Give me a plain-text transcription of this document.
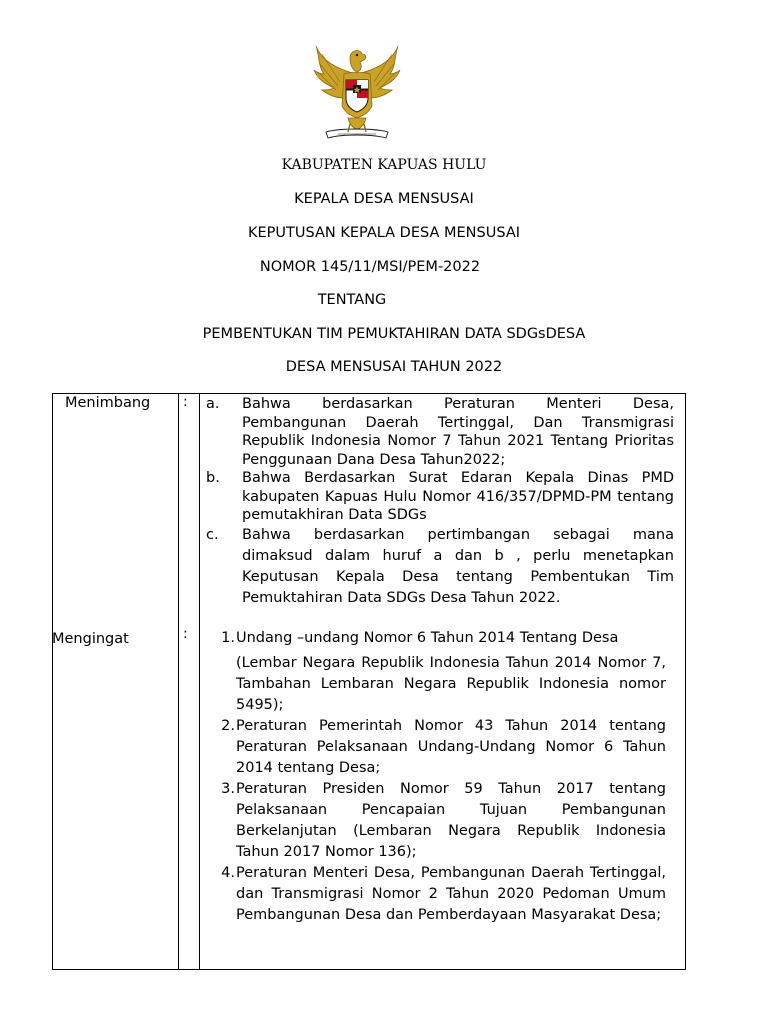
KABUPATEN KAPUAS HULU
KEPALA DESA MENSUSAI
KEPUTUSAN KEPALA DESA MENSUSAI
NOMOR 145/11/MSI/PEM-2022
TENTANG
PEMBENTUKAN TIM PEMUKTAHIRAN DATA SDGsDESA
DESA MENSUSAI TAHUN 2022
Menimbang : a.	Bahwa berdasarkan Peraturan Menteri Desa, Pembangunan Daerah Tertinggal, Dan Transmigrasi Republik Indonesia Nomor 7 Tahun 2021 Tentang Prioritas Penggunaan Dana Desa Tahun2022;
b.	Bahwa Berdasarkan Surat Edaran Kepala Dinas PMD kabupaten Kapuas Hulu Nomor 416/357/DPMD-PM tentang pemutakhiran Data SDGs
c.	Bahwa berdasarkan pertimbangan sebagai mana dimaksud dalam huruf a dan b , perlu menetapkan Keputusan Kepala Desa tentang Pembentukan Tim Pemuktahiran Data SDGs Desa Tahun 2022.
Mengingat	:	1. Undang –undang Nomor 6 Tahun 2014 Tentang Desa
(Lembar Negara Republik Indonesia Tahun 2014 Nomor 7, Tambahan Lembaran Negara Republik Indonesia nomor 5495);
2. Peraturan Pemerintah Nomor 43 Tahun 2014 tentang Peraturan Pelaksanaan Undang-Undang Nomor 6 Tahun 2014 tentang Desa;
3. Peraturan Presiden Nomor 59 Tahun 2017 tentang Pelaksanaan Pencapaian Tujuan Pembangunan Berkelanjutan (Lembaran Negara Republik Indonesia Tahun 2017 Nomor 136);
4. Peraturan Menteri Desa, Pembangunan Daerah Tertinggal, dan Transmigrasi Nomor 2 Tahun 2020 Pedoman Umum Pembangunan Desa dan Pemberdayaan Masyarakat Desa;
